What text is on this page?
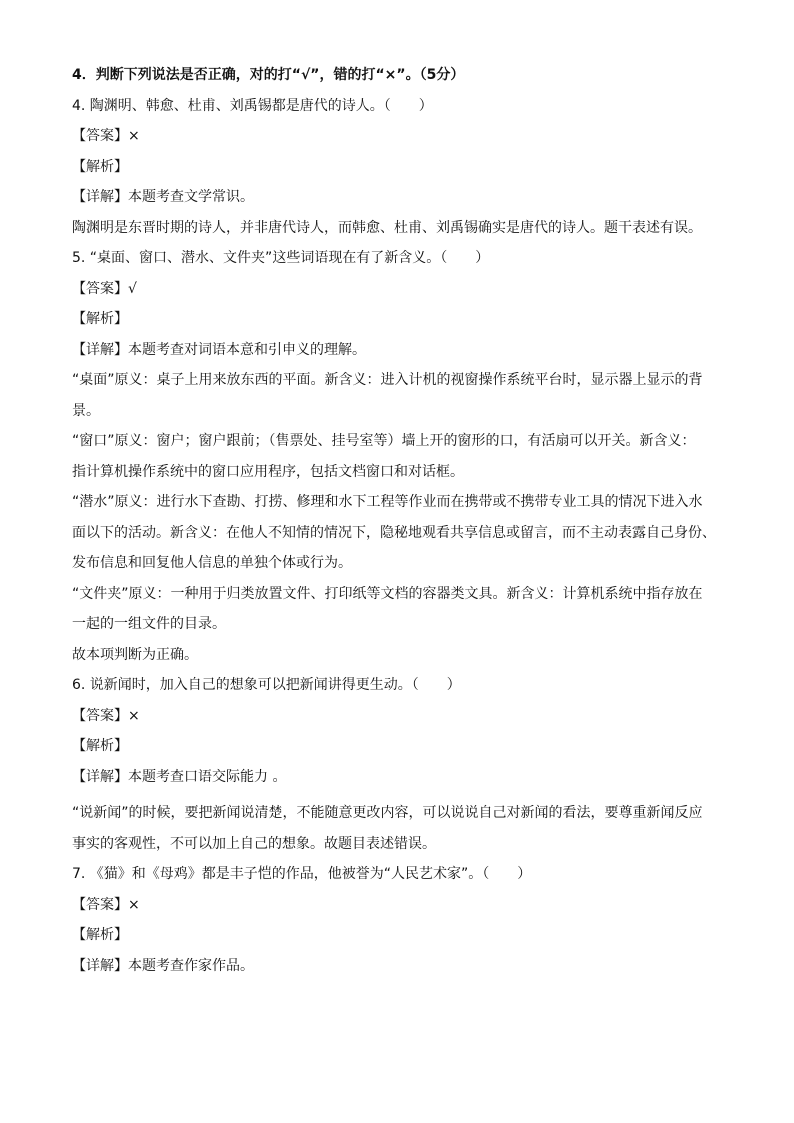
4．判断下列说法是否正确，对的打“√”，错的打“×”。（5分）
4. 陶渊明、韩愈、杜甫、刘禹锡都是唐代的诗人。（　　）
【答案】×
【解析】
【详解】本题考查文学常识。
陶渊明是东晋时期的诗人，并非唐代诗人，而韩愈、杜甫、刘禹锡确实是唐代的诗人。题干表述有误。
5. “桌面、窗口、潜水、文件夹”这些词语现在有了新含义。（　　）
【答案】√
【解析】
【详解】本题考查对词语本意和引申义的理解。
“桌面”原义：桌子上用来放东西的平面。新含义：进入计机的视窗操作系统平台时，显示器上显示的背
景。
“窗口”原义：窗户；窗户跟前；（售票处、挂号室等）墙上开的窗形的口，有活扇可以开关。新含义：
指计算机操作系统中的窗口应用程序，包括文档窗口和对话框。
“潜水”原义：进行水下查勘、打捞、修理和水下工程等作业而在携带或不携带专业工具的情况下进入水
面以下的活动。新含义：在他人不知情的情况下，隐秘地观看共享信息或留言，而不主动表露自己身份、
发布信息和回复他人信息的单独个体或行为。
“文件夹”原义：一种用于归类放置文件、打印纸等文档的容器类文具。新含义：计算机系统中指存放在
一起的一组文件的目录。
故本项判断为正确。
6. 说新闻时，加入自己的想象可以把新闻讲得更生动。（　　）
【答案】×
【解析】
【详解】本题考查口语交际能力 。
“说新闻”的时候，要把新闻说清楚，不能随意更改内容，可以说说自己对新闻的看法，要尊重新闻反应
事实的客观性，不可以加上自己的想象。故题目表述错误。
7. 《猫》和《母鸡》都是丰子恺的作品，他被誉为“人民艺术家”。（　　）
【答案】×
【解析】
【详解】本题考查作家作品。
